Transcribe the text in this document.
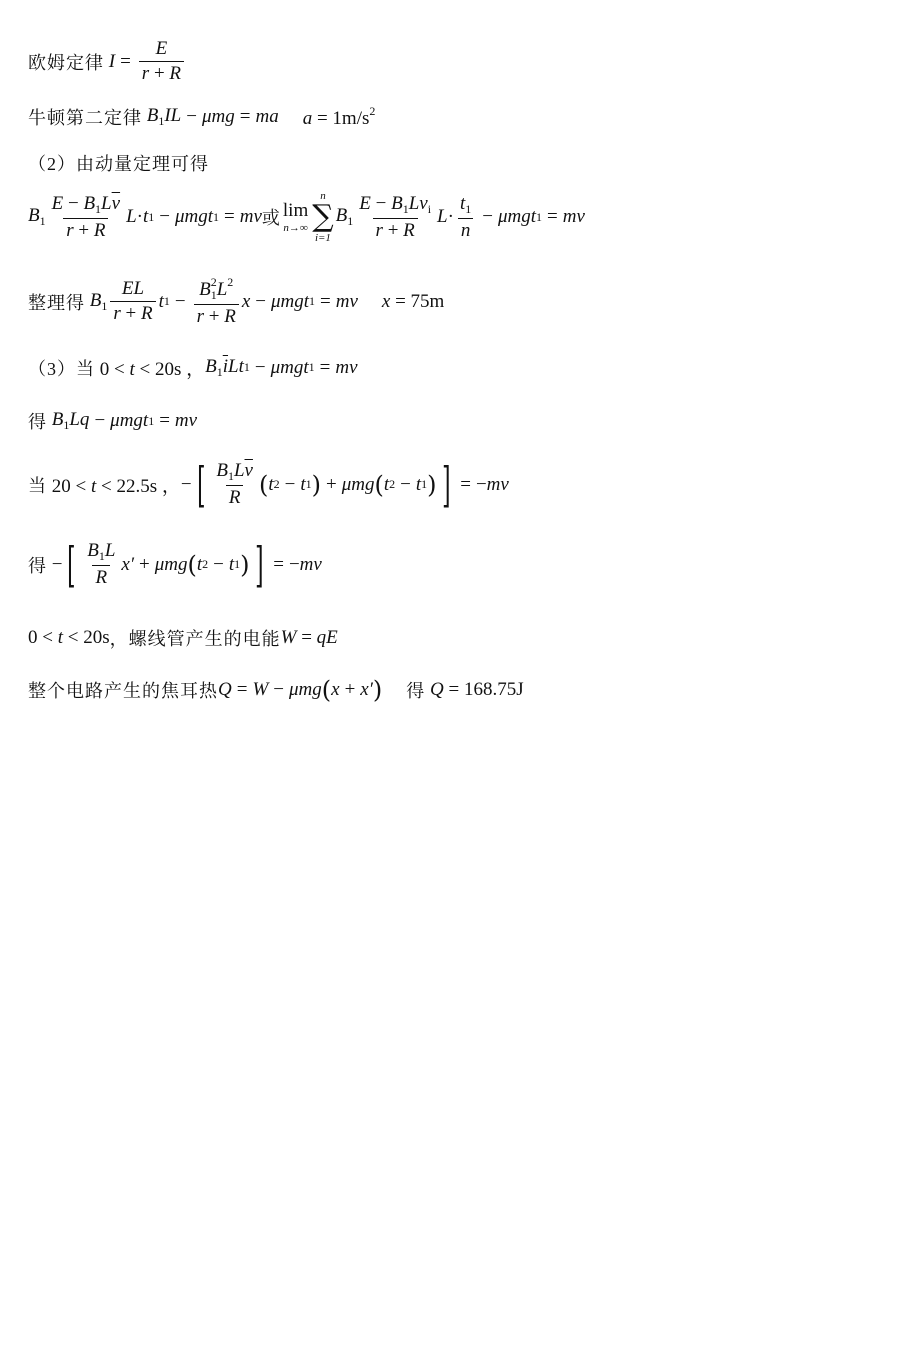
欧姆定律 $I = \frac{E}{r + R}$
牛顿第二定律 $B_1IL - \mu mg$ = ma $a = 1m/s^2$
（2）由动量定理可得
$B_1 \frac{E - B_1L\overline{v}}{r + R}$ L · t 1 − μmgt 1 = mv 或 lim
n→∞
n
∑
i=1
$B_1 \frac{E - B_1Lv_i}{r + R}$ $L \cdot \frac{t_1}{n} - \mu mgt$ 1 = mv
整理得 $B_1 \frac{EL}{r + R}$ t $1 - \frac{B_1^2L^2}{r + R}$ x − μmgt 1 = mv x = 75m
（3）当 0 < t < 20s ， $B_1\overline{i}Lt$ 1 − μmgt 1 = mv
得 $B_1Lq - \mu mgt$ 1 = mv
当 20 < t < 22.5s ， − [ $\frac{B_1L\overline{v}}{R}$ ( t 2 − t 1 ) + μmg ( t 2 − t 1 ) ] = − mv
得 − [ $\frac{B_1L}{R} x' + \mu mg$ ( t 2 − t 1 ) ] = − mv
0 < t < 20s ，螺线管产生的电能 W = qE
整个电路产生的焦耳热 Q = W − μmg ( x + x′ ) 得 Q = 168.75J
